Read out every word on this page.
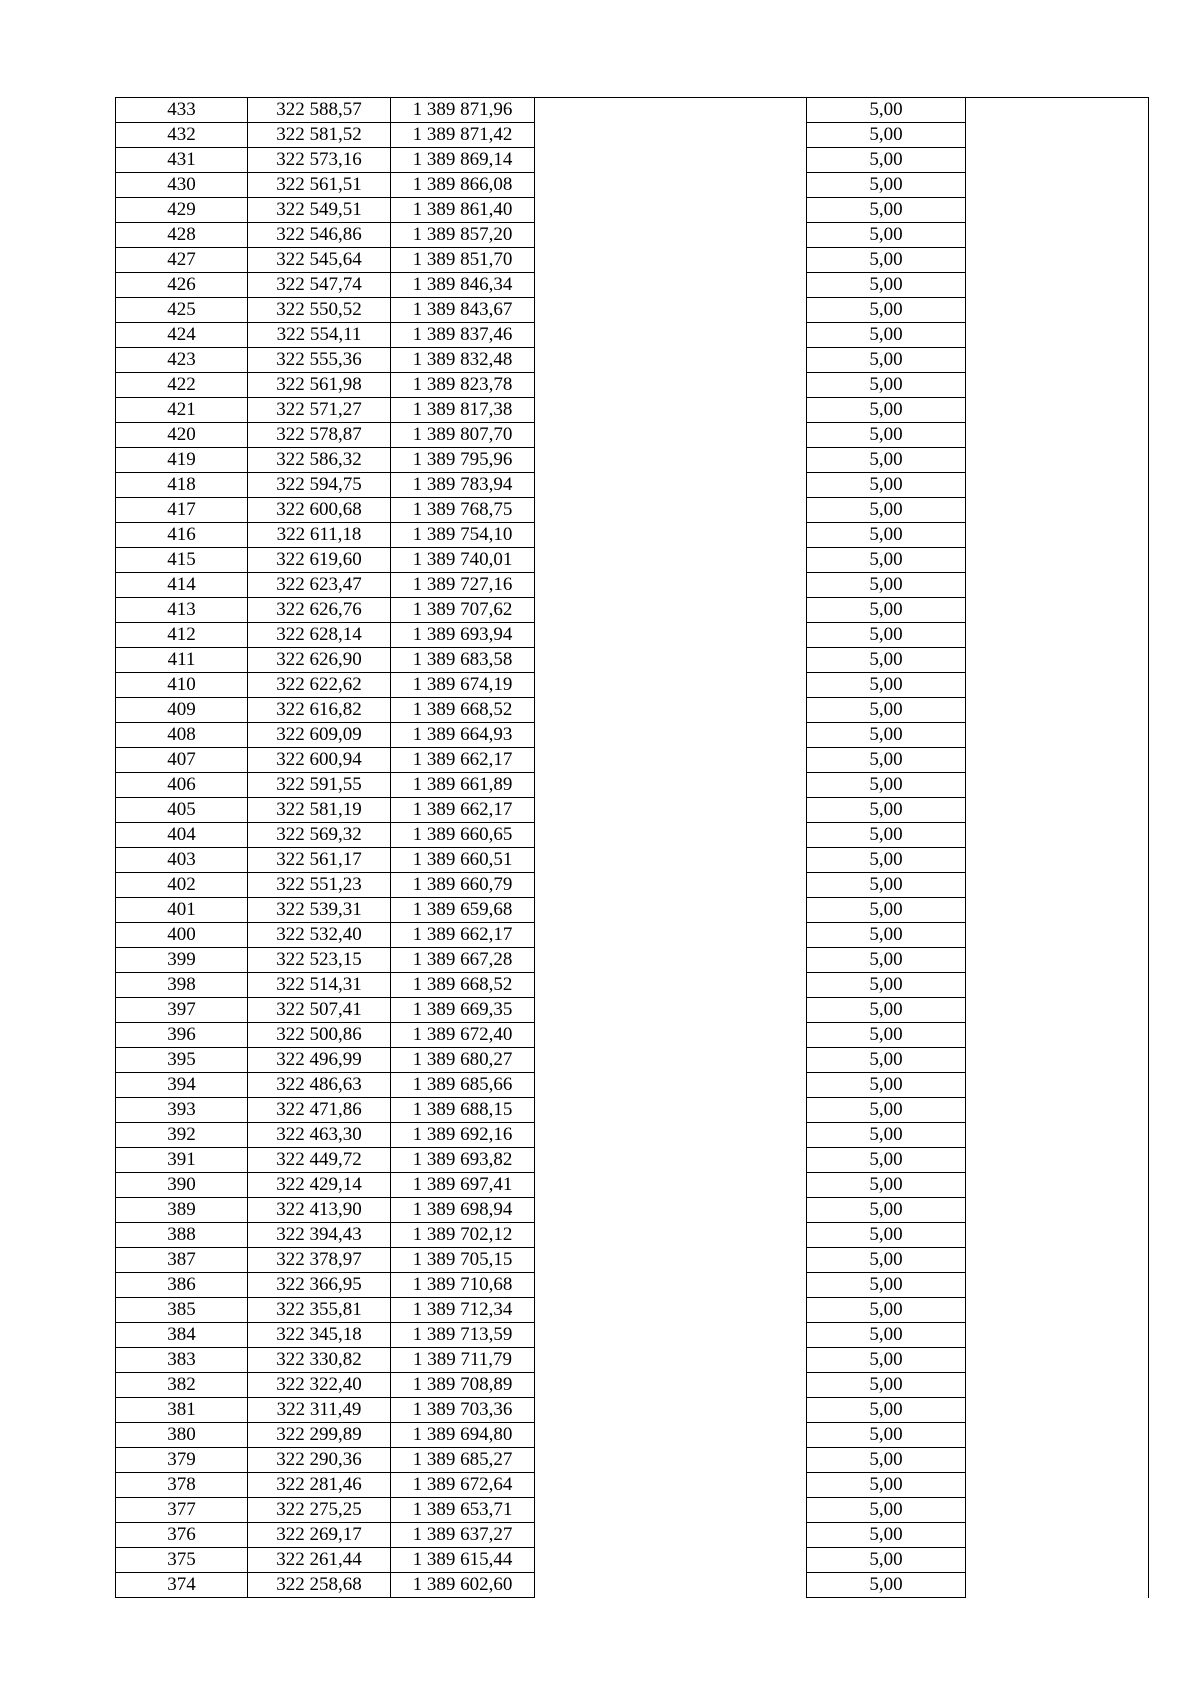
433	322 588,57	1 389 871,96		5,00	
432	322 581,52	1 389 871,42		5,00	
431	322 573,16	1 389 869,14		5,00	
430	322 561,51	1 389 866,08		5,00	
429	322 549,51	1 389 861,40		5,00	
428	322 546,86	1 389 857,20		5,00	
427	322 545,64	1 389 851,70		5,00	
426	322 547,74	1 389 846,34		5,00	
425	322 550,52	1 389 843,67		5,00	
424	322 554,11	1 389 837,46		5,00	
423	322 555,36	1 389 832,48		5,00	
422	322 561,98	1 389 823,78		5,00	
421	322 571,27	1 389 817,38		5,00	
420	322 578,87	1 389 807,70		5,00	
419	322 586,32	1 389 795,96		5,00	
418	322 594,75	1 389 783,94		5,00	
417	322 600,68	1 389 768,75		5,00	
416	322 611,18	1 389 754,10		5,00	
415	322 619,60	1 389 740,01		5,00	
414	322 623,47	1 389 727,16		5,00	
413	322 626,76	1 389 707,62		5,00	
412	322 628,14	1 389 693,94		5,00	
411	322 626,90	1 389 683,58		5,00	
410	322 622,62	1 389 674,19		5,00	
409	322 616,82	1 389 668,52		5,00	
408	322 609,09	1 389 664,93		5,00	
407	322 600,94	1 389 662,17		5,00	
406	322 591,55	1 389 661,89		5,00	
405	322 581,19	1 389 662,17		5,00	
404	322 569,32	1 389 660,65		5,00	
403	322 561,17	1 389 660,51		5,00	
402	322 551,23	1 389 660,79		5,00	
401	322 539,31	1 389 659,68		5,00	
400	322 532,40	1 389 662,17		5,00	
399	322 523,15	1 389 667,28		5,00	
398	322 514,31	1 389 668,52		5,00	
397	322 507,41	1 389 669,35		5,00	
396	322 500,86	1 389 672,40		5,00	
395	322 496,99	1 389 680,27		5,00	
394	322 486,63	1 389 685,66		5,00	
393	322 471,86	1 389 688,15		5,00	
392	322 463,30	1 389 692,16		5,00	
391	322 449,72	1 389 693,82		5,00	
390	322 429,14	1 389 697,41		5,00	
389	322 413,90	1 389 698,94		5,00	
388	322 394,43	1 389 702,12		5,00	
387	322 378,97	1 389 705,15		5,00	
386	322 366,95	1 389 710,68		5,00	
385	322 355,81	1 389 712,34		5,00	
384	322 345,18	1 389 713,59		5,00	
383	322 330,82	1 389 711,79		5,00	
382	322 322,40	1 389 708,89		5,00	
381	322 311,49	1 389 703,36		5,00	
380	322 299,89	1 389 694,80		5,00	
379	322 290,36	1 389 685,27		5,00	
378	322 281,46	1 389 672,64		5,00	
377	322 275,25	1 389 653,71		5,00	
376	322 269,17	1 389 637,27		5,00	
375	322 261,44	1 389 615,44		5,00	
374	322 258,68	1 389 602,60		5,00	
